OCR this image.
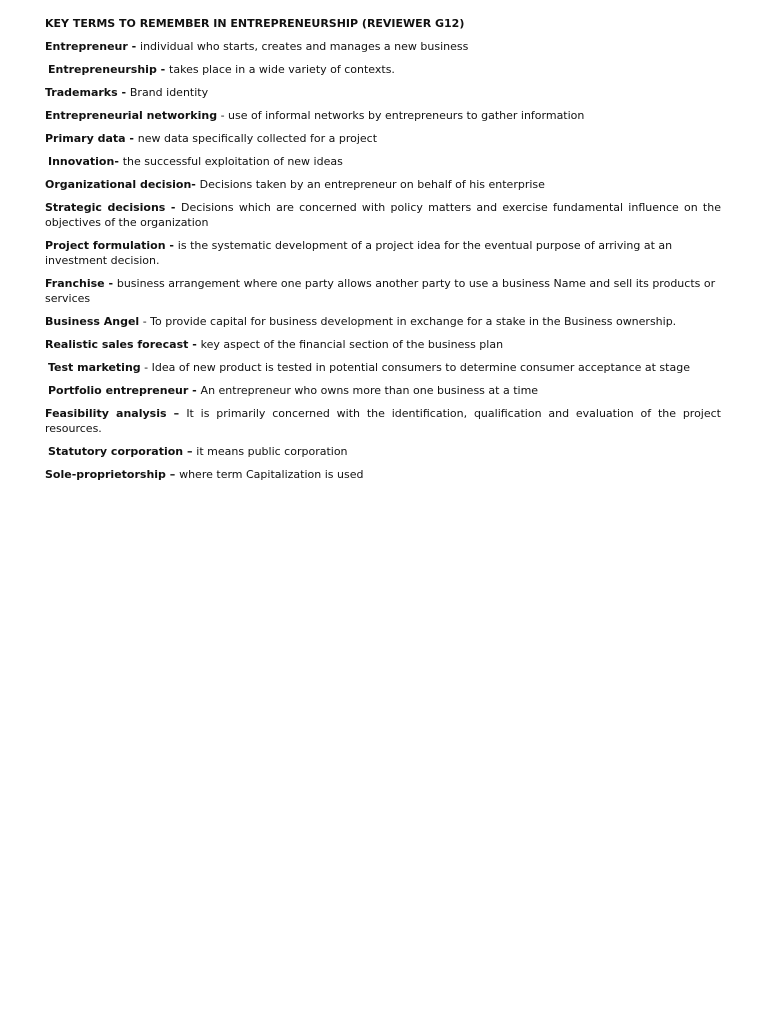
KEY TERMS TO REMEMBER IN ENTREPRENEURSHIP (REVIEWER G12)
Entrepreneur - individual who starts, creates and manages a new business
Entrepreneurship - takes place in a wide variety of contexts.
Trademarks - Brand identity
Entrepreneurial networking - use of informal networks by entrepreneurs to gather information
Primary data - new data specifically collected for a project
Innovation- the successful exploitation of new ideas
Organizational decision- Decisions taken by an entrepreneur on behalf of his enterprise
Strategic decisions - Decisions which are concerned with policy matters and exercise fundamental influence on the objectives of the organization
Project formulation - is the systematic development of a project idea for the eventual purpose of arriving at an investment decision.
Franchise - business arrangement where one party allows another party to use a business Name and sell its products or services
Business Angel - To provide capital for business development in exchange for a stake in the Business ownership.
Realistic sales forecast - key aspect of the financial section of the business plan
Test marketing - Idea of new product is tested in potential consumers to determine consumer acceptance at stage
Portfolio entrepreneur - An entrepreneur who owns more than one business at a time
Feasibility analysis – It is primarily concerned with the identification, qualification and evaluation of the project resources.
Statutory corporation – it means public corporation
Sole-proprietorship – where term Capitalization is used
